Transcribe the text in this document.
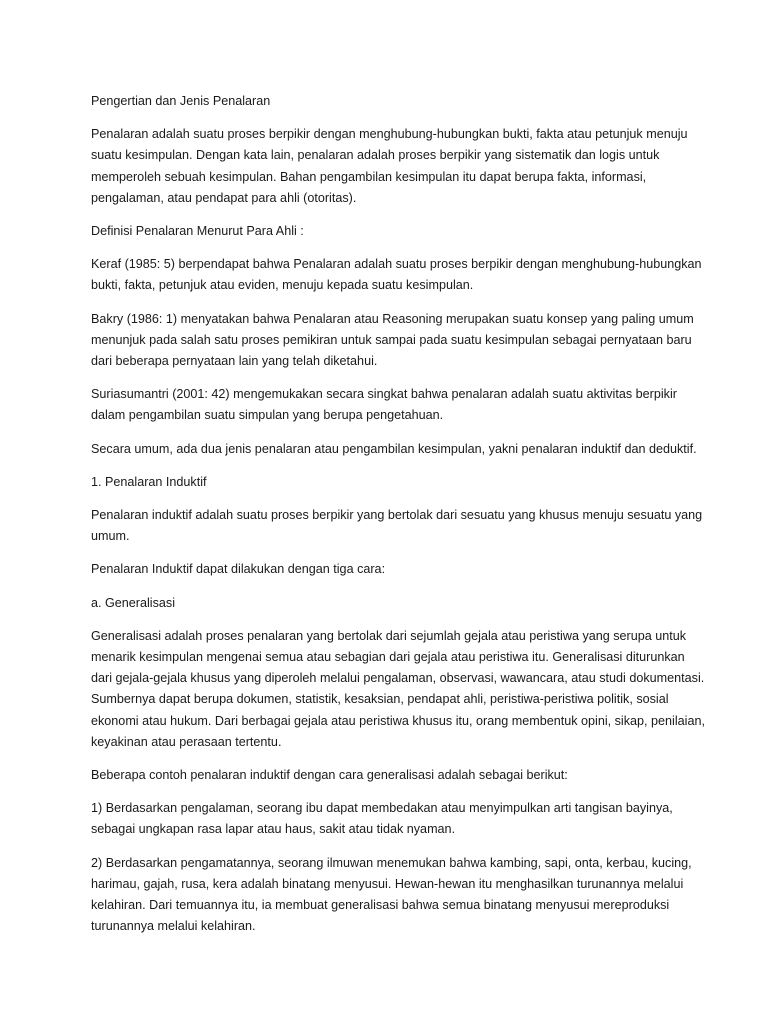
Pengertian dan Jenis Penalaran

Penalaran adalah suatu proses berpikir dengan menghubung-hubungkan bukti, fakta atau petunjuk menuju suatu kesimpulan. Dengan kata lain, penalaran adalah proses berpikir yang sistematik dan logis untuk memperoleh sebuah kesimpulan. Bahan pengambilan kesimpulan itu dapat berupa fakta, informasi, pengalaman, atau pendapat para ahli (otoritas).

Definisi Penalaran Menurut Para Ahli :

Keraf (1985: 5) berpendapat bahwa Penalaran adalah suatu proses berpikir dengan menghubung-hubungkan bukti, fakta, petunjuk atau eviden, menuju kepada suatu kesimpulan.

Bakry (1986: 1) menyatakan bahwa Penalaran atau Reasoning merupakan suatu konsep yang paling umum menunjuk pada salah satu proses pemikiran untuk sampai pada suatu kesimpulan sebagai pernyataan baru dari beberapa pernyataan lain yang telah diketahui.

Suriasumantri (2001: 42) mengemukakan secara singkat bahwa penalaran adalah suatu aktivitas berpikir dalam pengambilan suatu simpulan yang berupa pengetahuan.

Secara umum, ada dua jenis penalaran atau pengambilan kesimpulan, yakni penalaran induktif dan deduktif.

1. Penalaran Induktif

Penalaran induktif adalah suatu proses berpikir yang bertolak dari sesuatu yang khusus menuju sesuatu yang umum.

Penalaran Induktif dapat dilakukan dengan tiga cara:

a. Generalisasi

Generalisasi adalah proses penalaran yang bertolak dari sejumlah gejala atau peristiwa yang serupa untuk menarik kesimpulan mengenai semua atau sebagian dari gejala atau peristiwa itu. Generalisasi diturunkan dari gejala-gejala khusus yang diperoleh melalui pengalaman, observasi, wawancara, atau studi dokumentasi. Sumbernya dapat berupa dokumen, statistik, kesaksian, pendapat ahli, peristiwa-peristiwa politik, sosial ekonomi atau hukum. Dari berbagai gejala atau peristiwa khusus itu, orang membentuk opini, sikap, penilaian, keyakinan atau perasaan tertentu.

Beberapa contoh penalaran induktif dengan cara generalisasi adalah sebagai berikut:

1) Berdasarkan pengalaman, seorang ibu dapat membedakan atau menyimpulkan arti tangisan bayinya, sebagai ungkapan rasa lapar atau haus, sakit atau tidak nyaman.

2) Berdasarkan pengamatannya, seorang ilmuwan menemukan bahwa kambing, sapi, onta, kerbau, kucing, harimau, gajah, rusa, kera adalah binatang menyusui. Hewan-hewan itu menghasilkan turunannya melalui kelahiran. Dari temuannya itu, ia membuat generalisasi bahwa semua binatang menyusui mereproduksi turunannya melalui kelahiran.
